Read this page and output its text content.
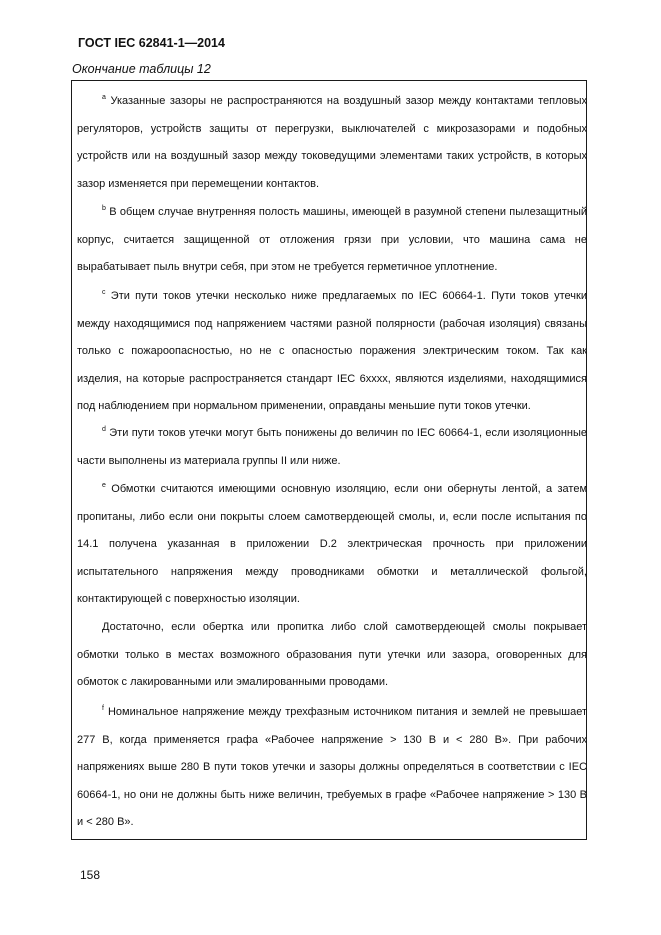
ГОСТ IEC 62841-1—2014
Окончание таблицы 12

$^а$ Указанные зазоры не распространяются на воздушный зазор между контактами тепловых регуляторов, устройств защиты от перегрузки, выключателей с микрозазорами и подобных устройств или на воздушный зазор между токоведущими элементами таких устройств, в которых зазор изменяется при перемещении контактов.

$^b$ В общем случае внутренняя полость машины, имеющей в разумной степени пылезащитный корпус, считается защищенной от отложения грязи при условии, что машина сама не вырабатывает пыль внутри себя, при этом не требуется герметичное уплотнение.

$^c$ Эти пути токов утечки несколько ниже предлагаемых по IEC 60664-1. Пути токов утечки между находящимися под напряжением частями разной полярности (рабочая изоляция) связаны только с пожароопасностью, но не с опасностью поражения электрическим током. Так как изделия, на которые распространяется стандарт IEC 6хххх, являются изделиями, находящимися под наблюдением при нормальном применении, оправданы меньшие пути токов утечки.

$^d$ Эти пути токов утечки могут быть понижены до величин по IEC 60664-1, если изоляционные части выполнены из материала группы II или ниже.

$^e$ Обмотки считаются имеющими основную изоляцию, если они обернуты лентой, а затем пропитаны, либо если они покрыты слоем самотвердеющей смолы, и, если после испытания по 14.1 получена указанная в приложении D.2 электрическая прочность при приложении испытательного напряжения между проводниками обмотки и металлической фольгой, контактирующей с поверхностью изоляции.

Достаточно, если обертка или пропитка либо слой самотвердеющей смолы покрывает обмотки только в местах возможного образования пути утечки или зазора, оговоренных для обмоток с лакированными или эмалированными проводами.

$^f$ Номинальное напряжение между трехфазным источником питания и землей не превышает 277 В, когда применяется графа «Рабочее напряжение > 130 В и < 280 В». При рабочих напряжениях выше 280 В пути токов утечки и зазоры должны определяться в соответствии с IEC 60664-1, но они не должны быть ниже величин, требуемых в графе «Рабочее напряжение > 130 В и < 280 В».

158
